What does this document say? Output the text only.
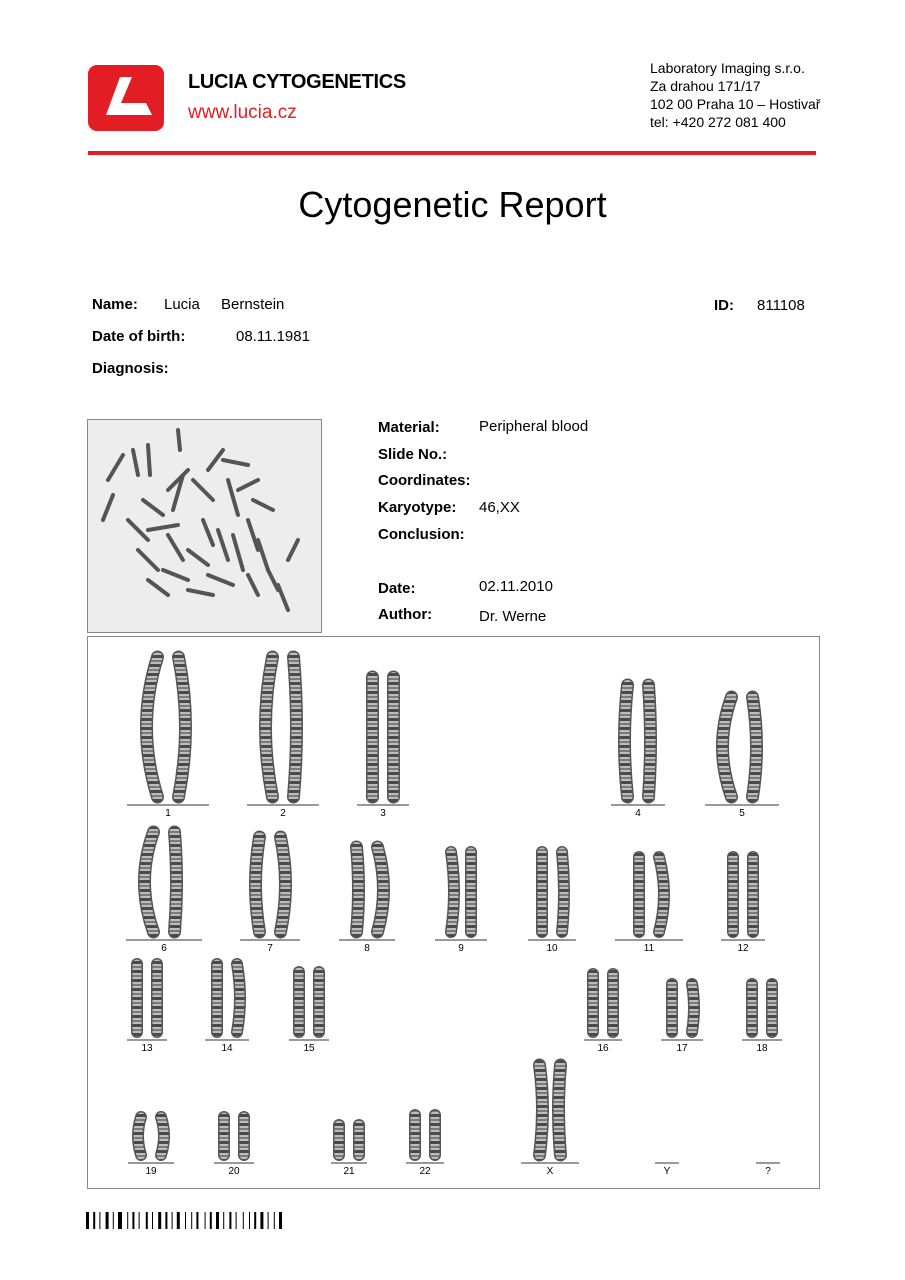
LUCIA CYTOGENETICS
www.lucia.cz
Laboratory Imaging s.r.o.
Za drahou 171/17
102 00 Praha 10 – Hostivař
tel: +420 272 081 400
Cytogenetic Report
Name: Lucia Bernstein	ID: 811108
Date of birth:	08.11.1981
Diagnosis:
Material:	Peripheral blood
Slide No.:
Coordinates:
Karyotype: 46,XX
Conclusion:
Date:	02.11.2010
Author:	Dr. Werne
1	2	3	4	5
6	7	8	9	10	11	12
13	14	15	16	17	18
19	20	21	22	X	Y	?
